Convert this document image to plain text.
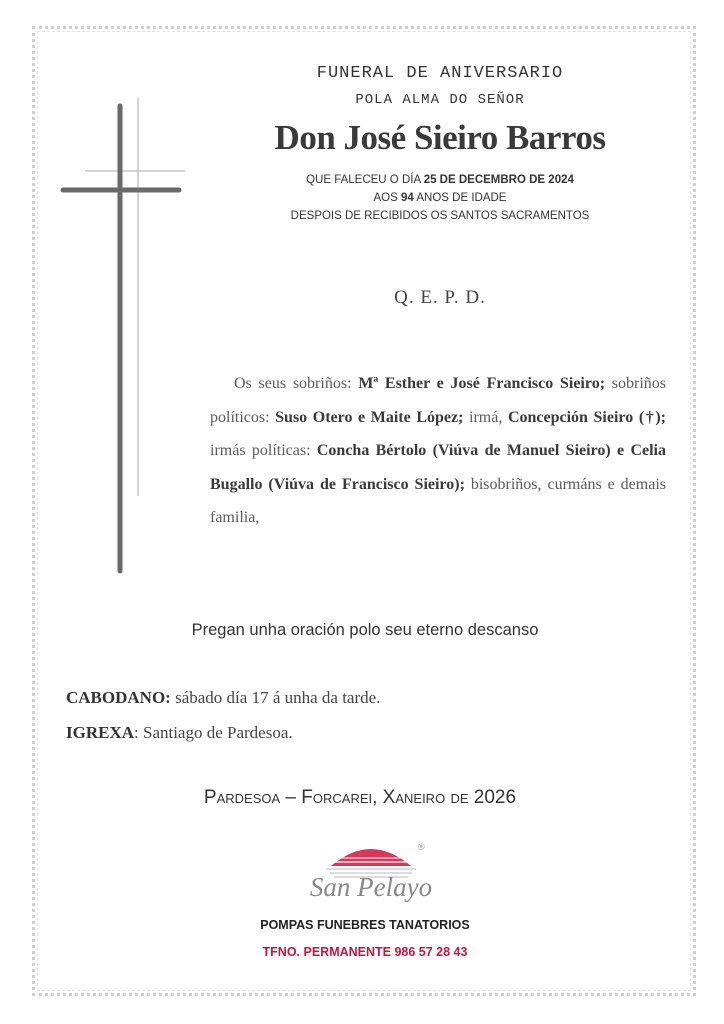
FUNERAL DE ANIVERSARIO
POLA ALMA DO SEÑOR
Don José Sieiro Barros
QUE FALECEU O DÍA 25 DE DECEMBRO DE 2024
AOS 94 ANOS DE IDADE
DESPOIS DE RECIBIDOS OS SANTOS SACRAMENTOS
Q. E. P. D.
Os seus sobriños: Mª Esther e José Francisco Sieiro; sobriños políticos: Suso Otero e Maite López; irmá, Concepción Sieiro (†); irmás políticas: Concha Bértolo (Viúva de Manuel Sieiro) e Celia Bugallo (Viúva de Francisco Sieiro); bisobriños, curmáns e demais familia,
Pregan unha oración polo seu eterno descanso
CABODANO: sábado día 17 á unha da tarde.
IGREXA: Santiago de Pardesoa.
Pardesoa – Forcarei, Xaneiro de 2026
San Pelayo
®
POMPAS FUNEBRES TANATORIOS
TFNO. PERMANENTE 986 57 28 43
